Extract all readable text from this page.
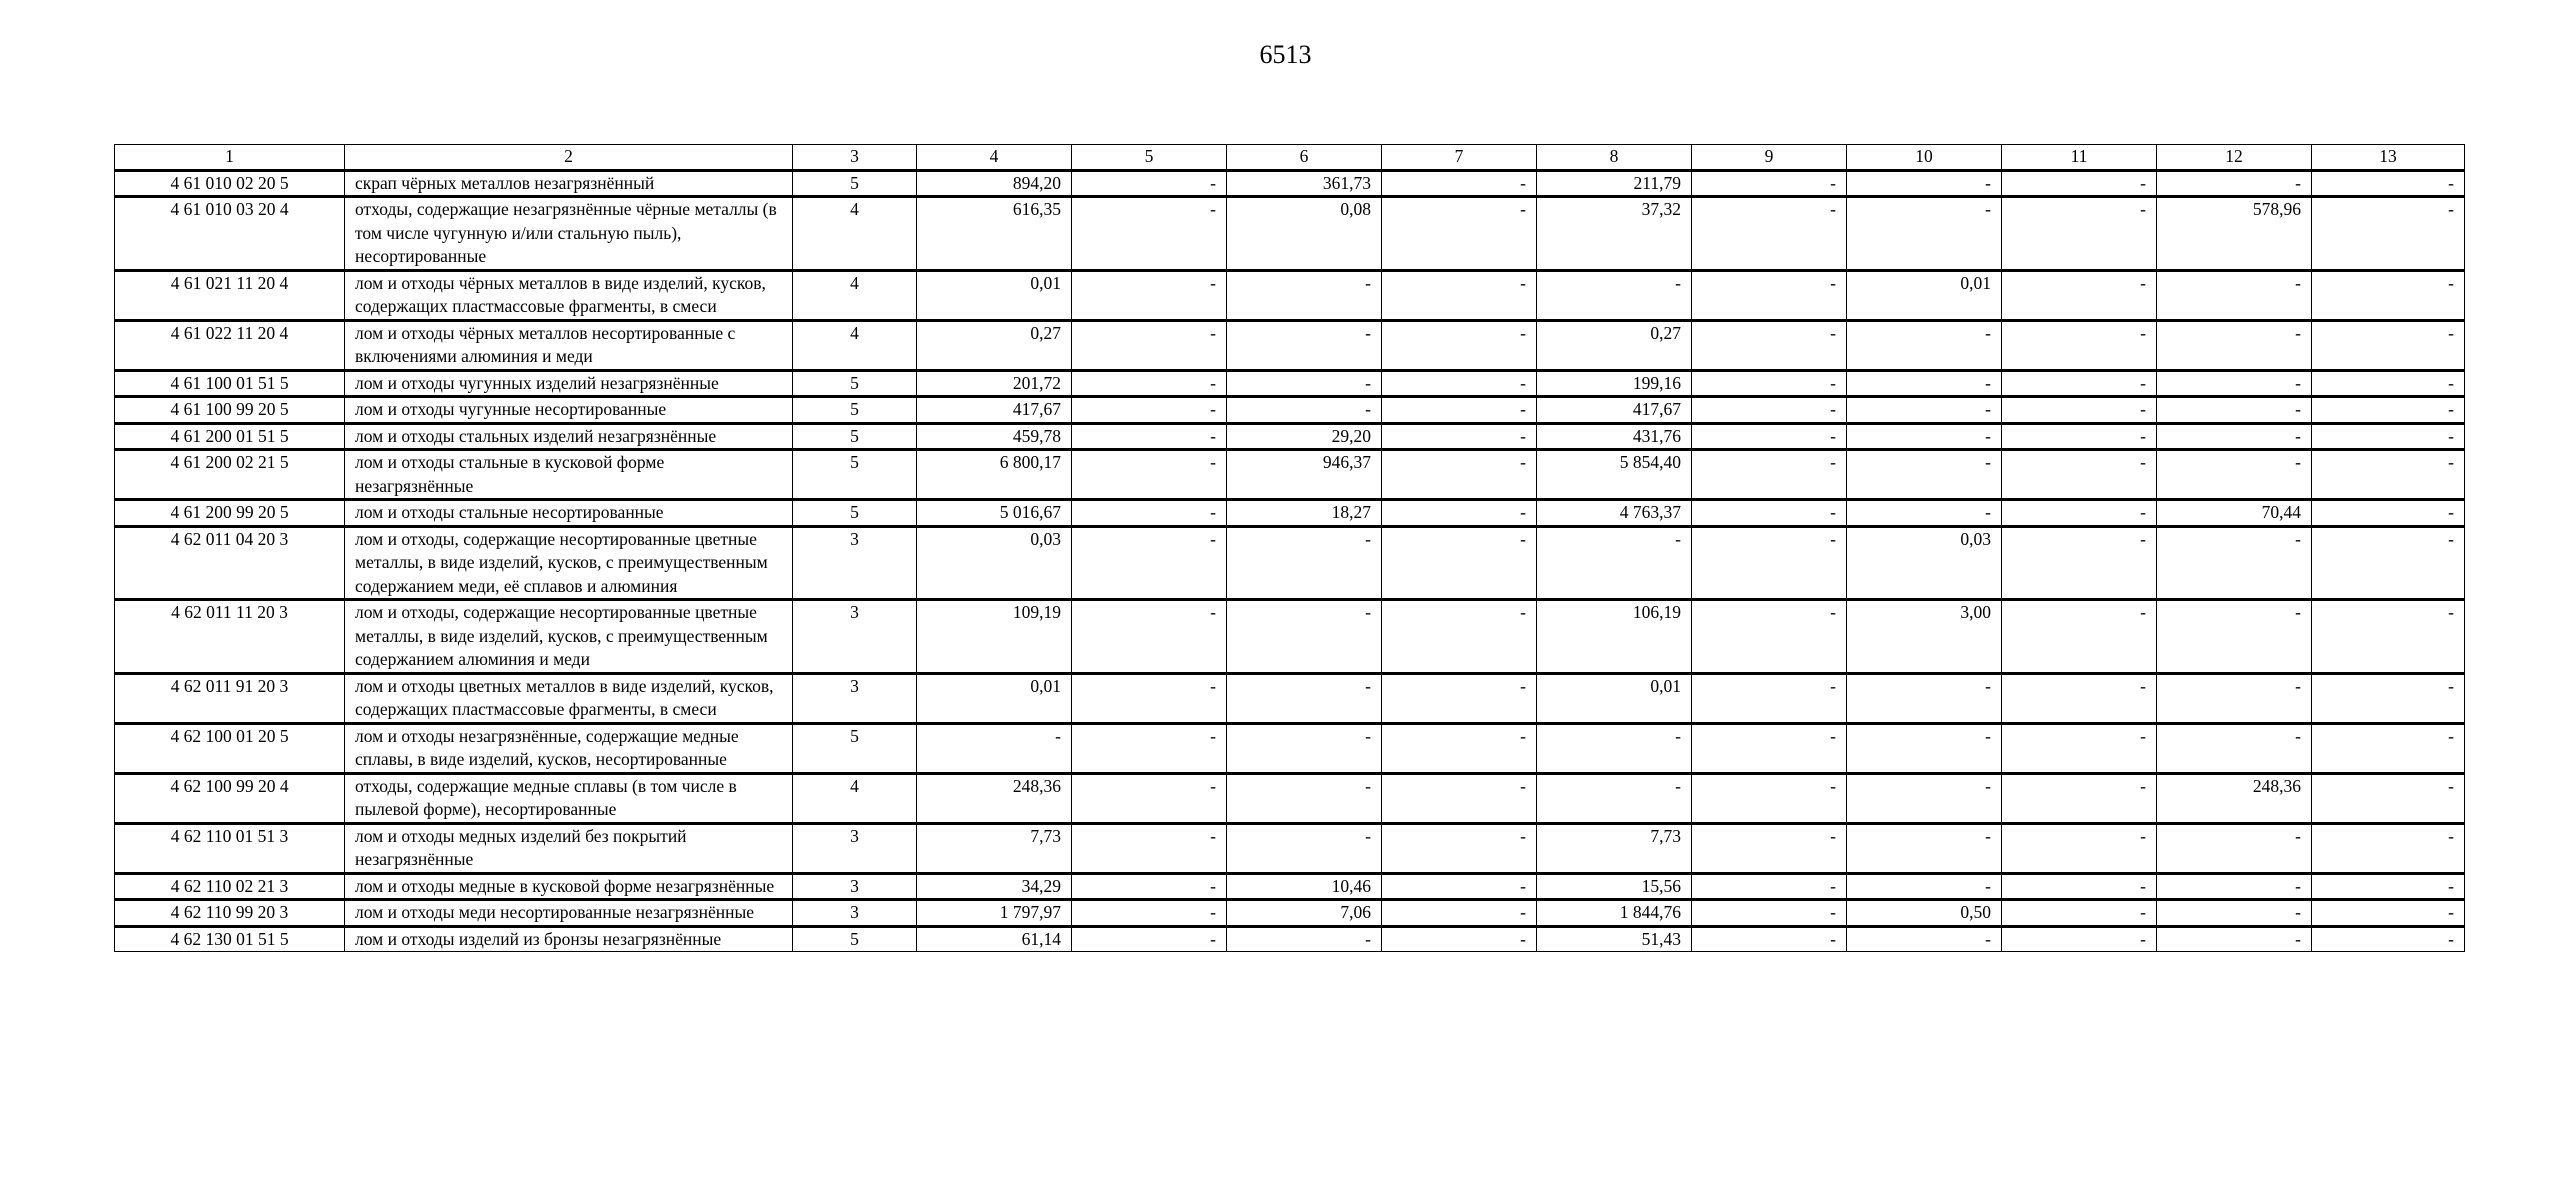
6513
1	2	3	4	5	6	7	8	9	10	11	12	13
4 61 010 02 20 5	скрап чёрных металлов незагрязнённый	5	894,20	-	361,73	-	211,79	-	-	-	-	-
4 61 010 03 20 4	отходы, содержащие незагрязнённые чёрные металлы (в том числе чугунную и/или стальную пыль), несортированные	4	616,35	-	0,08	-	37,32	-	-	-	578,96	-
4 61 021 11 20 4	лом и отходы чёрных металлов в виде изделий, кусков, содержащих пластмассовые фрагменты, в смеси	4	0,01	-	-	-	-	-	0,01	-	-	-
4 61 022 11 20 4	лом и отходы чёрных металлов несортированные с включениями алюминия и меди	4	0,27	-	-	-	0,27	-	-	-	-	-
4 61 100 01 51 5	лом и отходы чугунных изделий незагрязнённые	5	201,72	-	-	-	199,16	-	-	-	-	-
4 61 100 99 20 5	лом и отходы чугунные несортированные	5	417,67	-	-	-	417,67	-	-	-	-	-
4 61 200 01 51 5	лом и отходы стальных изделий незагрязнённые	5	459,78	-	29,20	-	431,76	-	-	-	-	-
4 61 200 02 21 5	лом и отходы стальные в кусковой форме незагрязнённые	5	6 800,17	-	946,37	-	5 854,40	-	-	-	-	-
4 61 200 99 20 5	лом и отходы стальные несортированные	5	5 016,67	-	18,27	-	4 763,37	-	-	-	70,44	-
4 62 011 04 20 3	лом и отходы, содержащие несортированные цветные металлы, в виде изделий, кусков, с преимущественным содержанием меди, её сплавов и алюминия	3	0,03	-	-	-	-	-	0,03	-	-	-
4 62 011 11 20 3	лом и отходы, содержащие несортированные цветные металлы, в виде изделий, кусков, с преимущественным содержанием алюминия и меди	3	109,19	-	-	-	106,19	-	3,00	-	-	-
4 62 011 91 20 3	лом и отходы цветных металлов в виде изделий, кусков, содержащих пластмассовые фрагменты, в смеси	3	0,01	-	-	-	0,01	-	-	-	-	-
4 62 100 01 20 5	лом и отходы незагрязнённые, содержащие медные сплавы, в виде изделий, кусков, несортированные	5	-	-	-	-	-	-	-	-	-	-
4 62 100 99 20 4	отходы, содержащие медные сплавы (в том числе в пылевой форме), несортированные	4	248,36	-	-	-	-	-	-	-	248,36	-
4 62 110 01 51 3	лом и отходы медных изделий без покрытий незагрязнённые	3	7,73	-	-	-	7,73	-	-	-	-	-
4 62 110 02 21 3	лом и отходы медные в кусковой форме незагрязнённые	3	34,29	-	10,46	-	15,56	-	-	-	-	-
4 62 110 99 20 3	лом и отходы меди несортированные незагрязнённые	3	1 797,97	-	7,06	-	1 844,76	-	0,50	-	-	-
4 62 130 01 51 5	лом и отходы изделий из бронзы незагрязнённые	5	61,14	-	-	-	51,43	-	-	-	-	-
